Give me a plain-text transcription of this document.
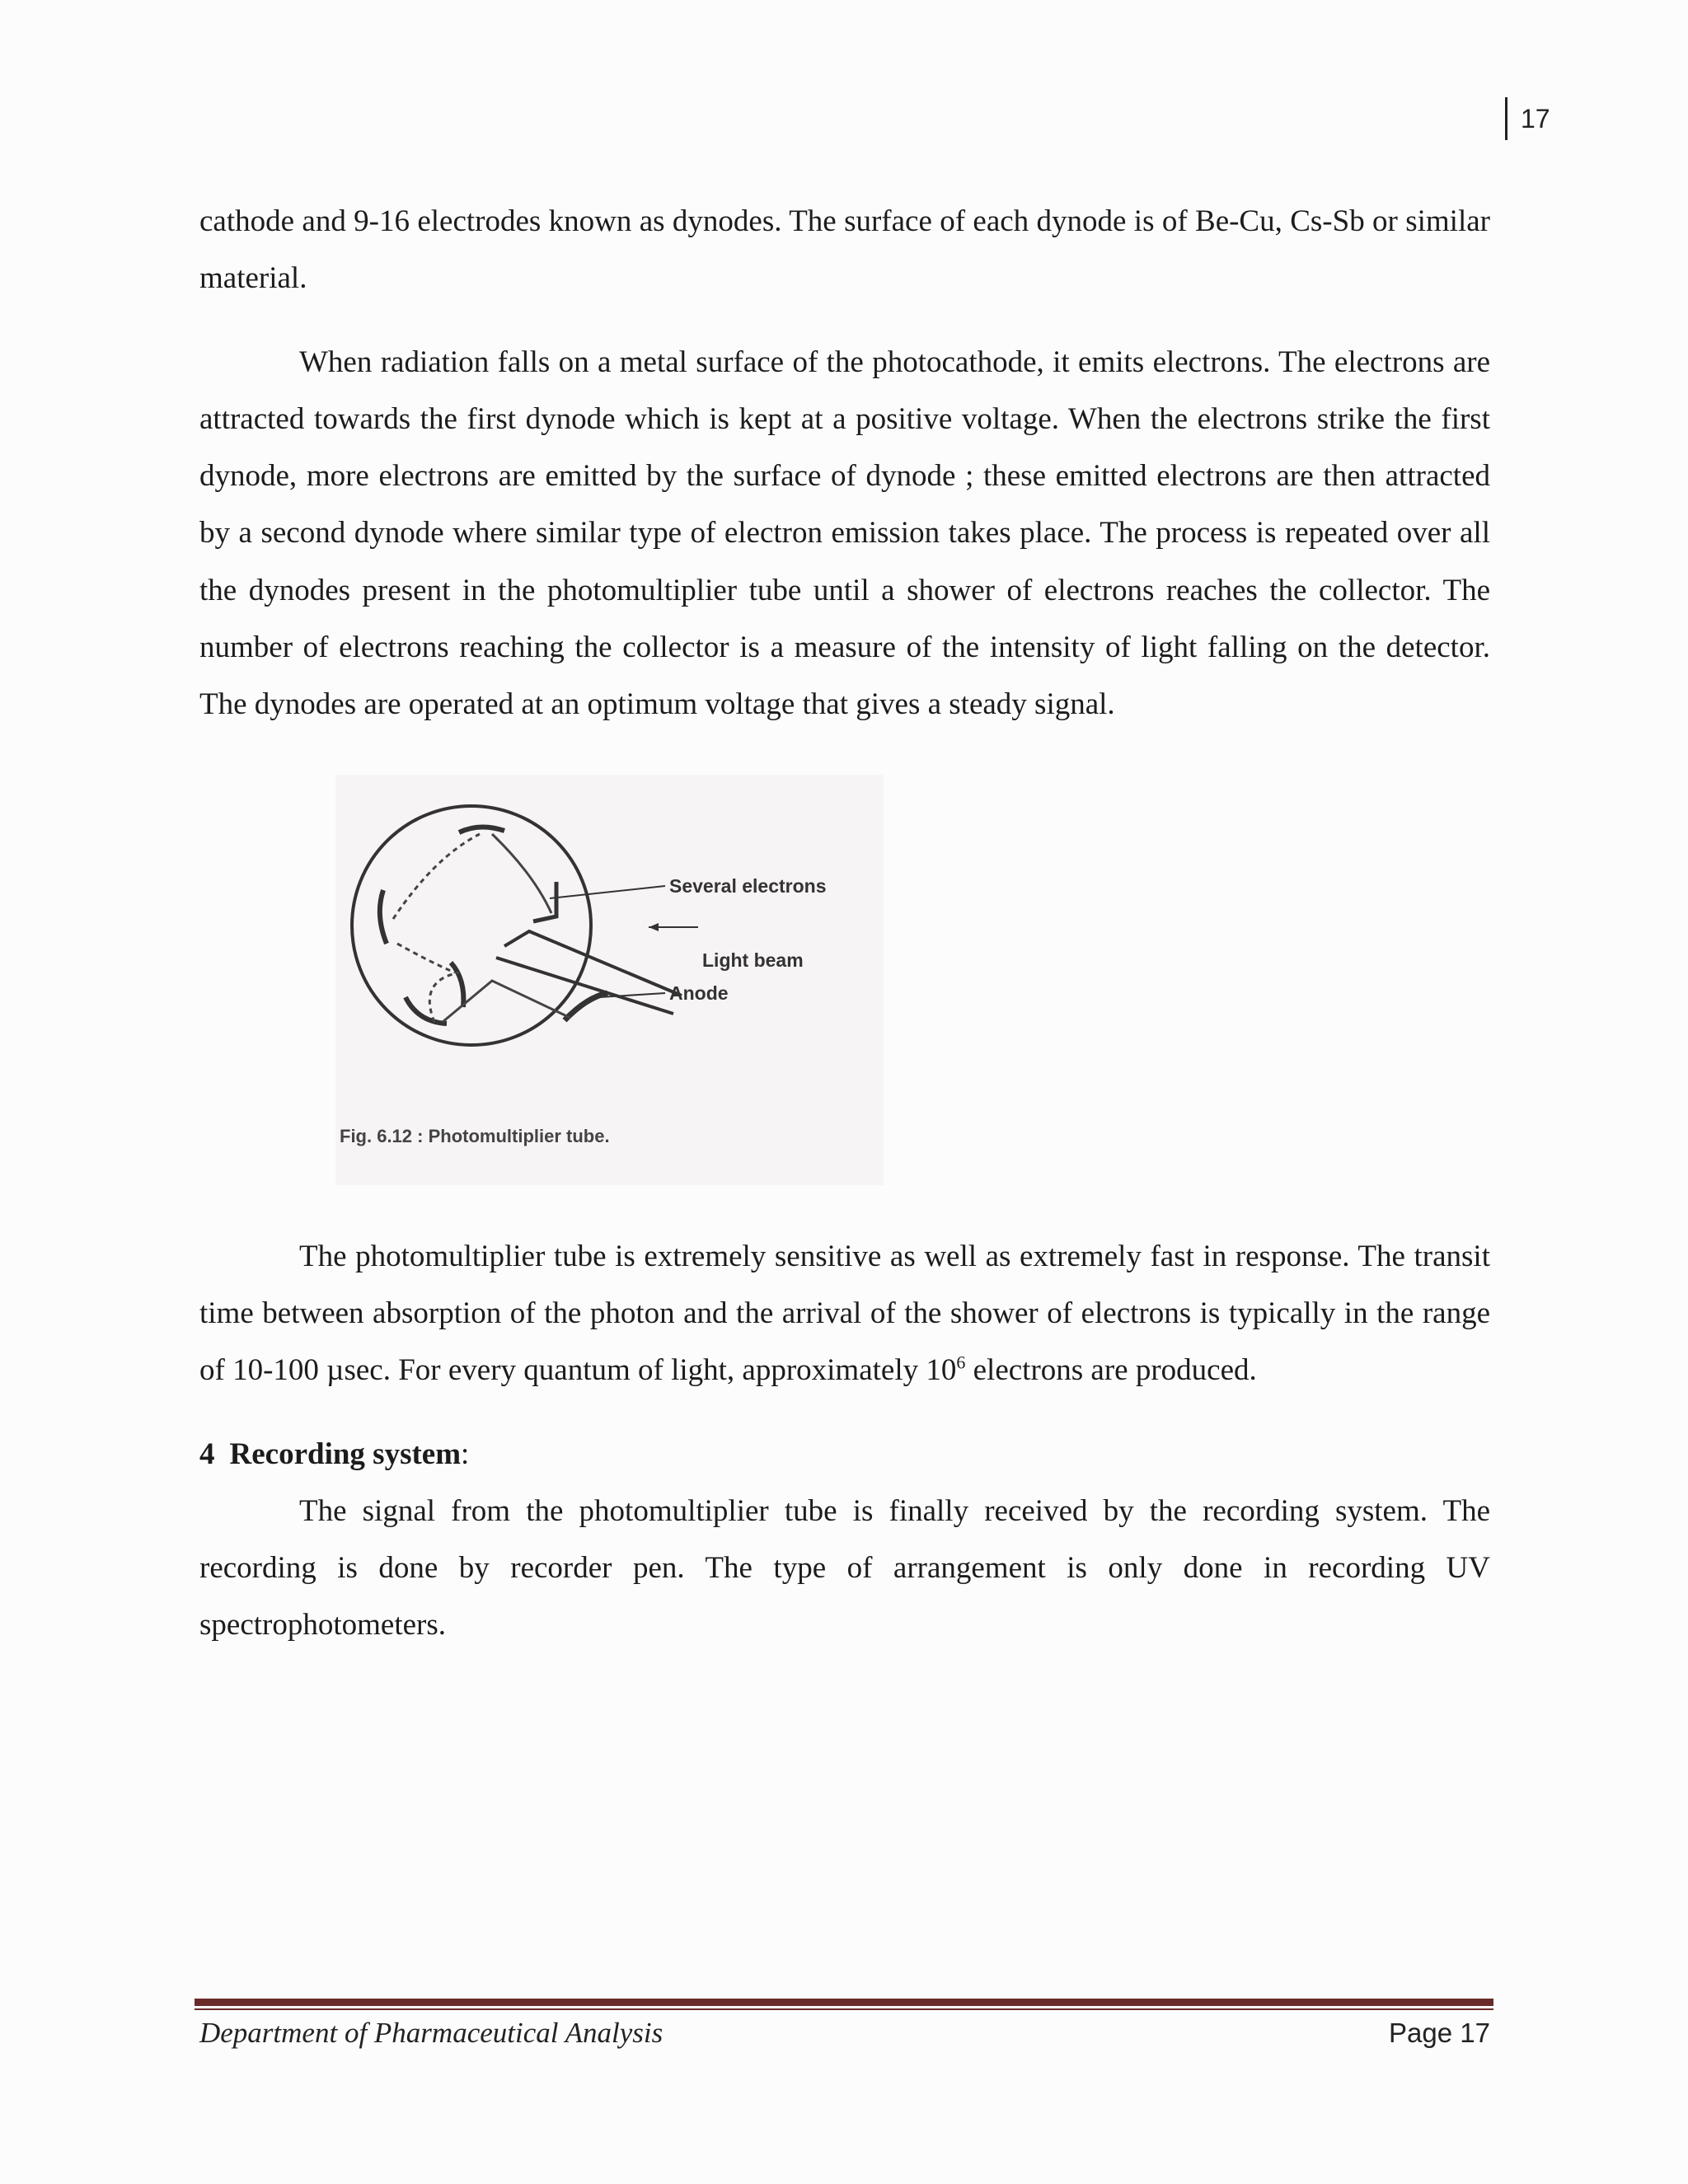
17

cathode and 9-16 electrodes known as dynodes. The surface of each dynode is of Be-Cu, Cs-Sb or similar material.

When radiation falls on a metal surface of the photocathode, it emits electrons. The electrons are attracted towards the first dynode which is kept at a positive voltage. When the electrons strike the first dynode, more electrons are emitted by the surface of dynode ; these emitted electrons are then attracted by a second dynode where similar type of electron emission takes place. The process is repeated over all the dynodes present in the photomultiplier tube until a shower of electrons reaches the collector. The number of electrons reaching the collector is a measure of the intensity of light falling on the detector. The dynodes are operated at an optimum voltage that gives a steady signal.

Several electrons
Light beam
Anode
Fig. 6.12 : Photomultiplier tube.

The photomultiplier tube is extremely sensitive as well as extremely fast in response. The transit time between absorption of the photon and the arrival of the shower of electrons is typically in the range of 10-100 µsec. For every quantum of light, approximately $10^6$ electrons are produced.

4 Recording system:

The signal from the photomultiplier tube is finally received by the recording system. The recording is done by recorder pen. The type of arrangement is only done in recording UV spectrophotometers.

Department of Pharmaceutical Analysis	Page 17
